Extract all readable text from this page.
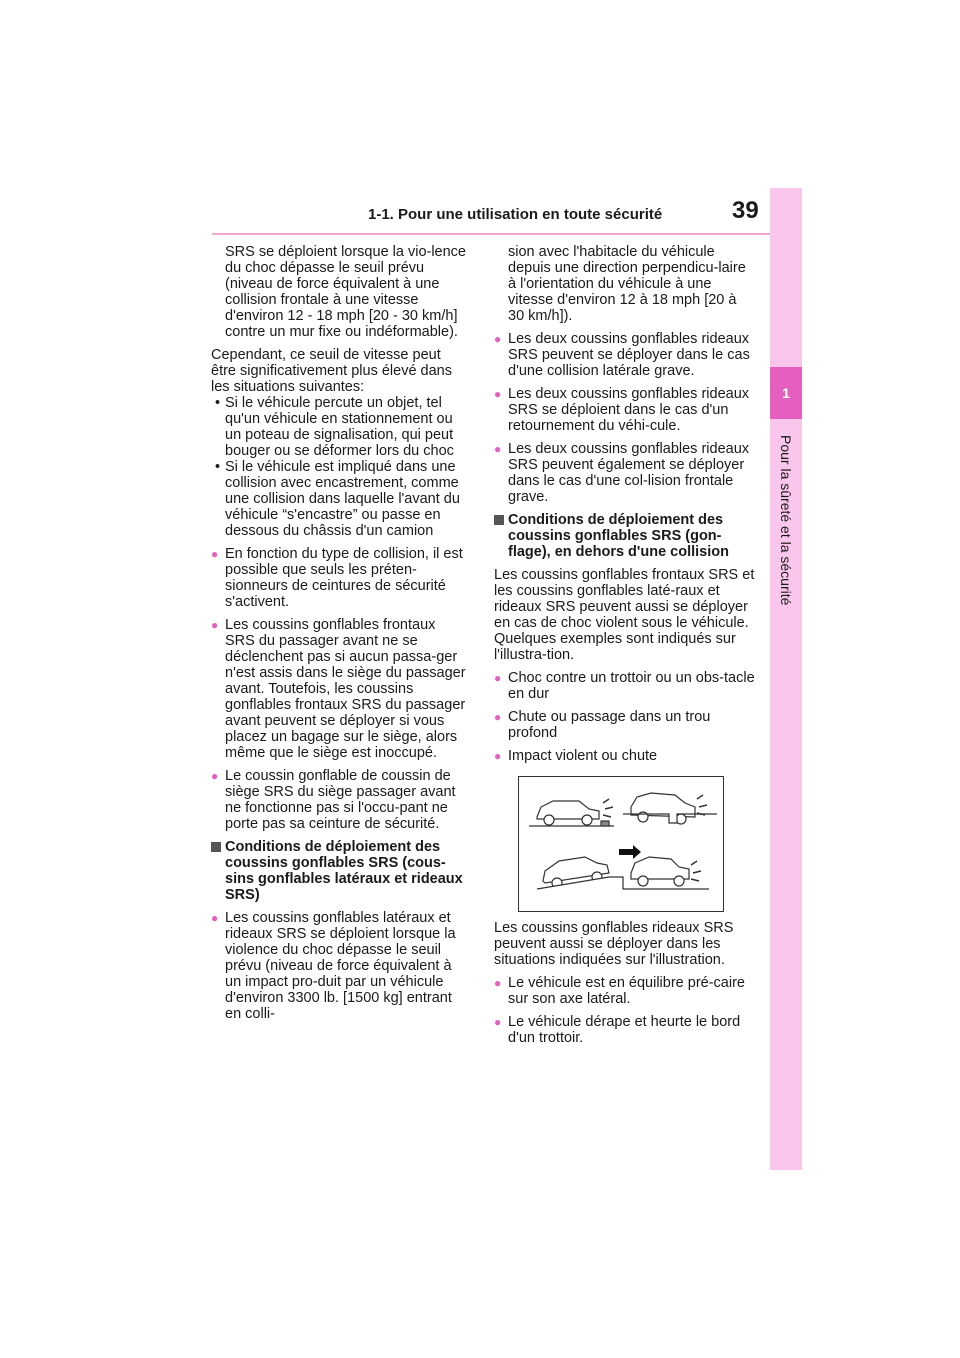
1-1. Pour une utilisation en toute sécurité	39
1
Pour la sûreté et la sécurité

SRS se déploient lorsque la vio-lence du choc dépasse le seuil prévu (niveau de force équivalent à une collision frontale à une vitesse d'environ 12 - 18 mph [20 - 30 km/h] contre un mur fixe ou indéformable).

Cependant, ce seuil de vitesse peut être significativement plus élevé dans les situations suivantes:

• Si le véhicule percute un objet, tel qu'un véhicule en stationnement ou un poteau de signalisation, qui peut bouger ou se déformer lors du choc

• Si le véhicule est impliqué dans une collision avec encastrement, comme une collision dans laquelle l'avant du véhicule “s'encastre” ou passe en dessous du châssis d'un camion

● En fonction du type de collision, il est possible que seuls les préten-sionneurs de ceintures de sécurité s'activent.

● Les coussins gonflables frontaux SRS du passager avant ne se déclenchent pas si aucun passa-ger n'est assis dans le siège du passager avant. Toutefois, les coussins gonflables frontaux SRS du passager avant peuvent se déployer si vous placez un bagage sur le siège, alors même que le siège est inoccupé.

● Le coussin gonflable de coussin de siège SRS du siège passager avant ne fonctionne pas si l'occu-pant ne porte pas sa ceinture de sécurité.

Conditions de déploiement des coussins gonflables SRS (cous-sins gonflables latéraux et rideaux SRS)

● Les coussins gonflables latéraux et rideaux SRS se déploient lorsque la violence du choc dépasse le seuil prévu (niveau de force équivalent à un impact pro-duit par un véhicule d'environ 3300 lb. [1500 kg] entrant en colli-

sion avec l'habitacle du véhicule depuis une direction perpendicu-laire à l'orientation du véhicule à une vitesse d'environ 12 à 18 mph [20 à 30 km/h]).

● Les deux coussins gonflables rideaux SRS peuvent se déployer dans le cas d'une collision latérale grave.

● Les deux coussins gonflables rideaux SRS se déploient dans le cas d'un retournement du véhi-cule.

● Les deux coussins gonflables rideaux SRS peuvent également se déployer dans le cas d'une col-lision frontale grave.

Conditions de déploiement des coussins gonflables SRS (gon-flage), en dehors d'une collision

Les coussins gonflables frontaux SRS et les coussins gonflables laté-raux et rideaux SRS peuvent aussi se déployer en cas de choc violent sous le véhicule. Quelques exemples sont indiqués sur l'illustra-tion.

● Choc contre un trottoir ou un obs-tacle en dur

● Chute ou passage dans un trou profond

● Impact violent ou chute

Les coussins gonflables rideaux SRS peuvent aussi se déployer dans les situations indiquées sur l'illustration.

● Le véhicule est en équilibre pré-caire sur son axe latéral.

● Le véhicule dérape et heurte le bord d'un trottoir.
